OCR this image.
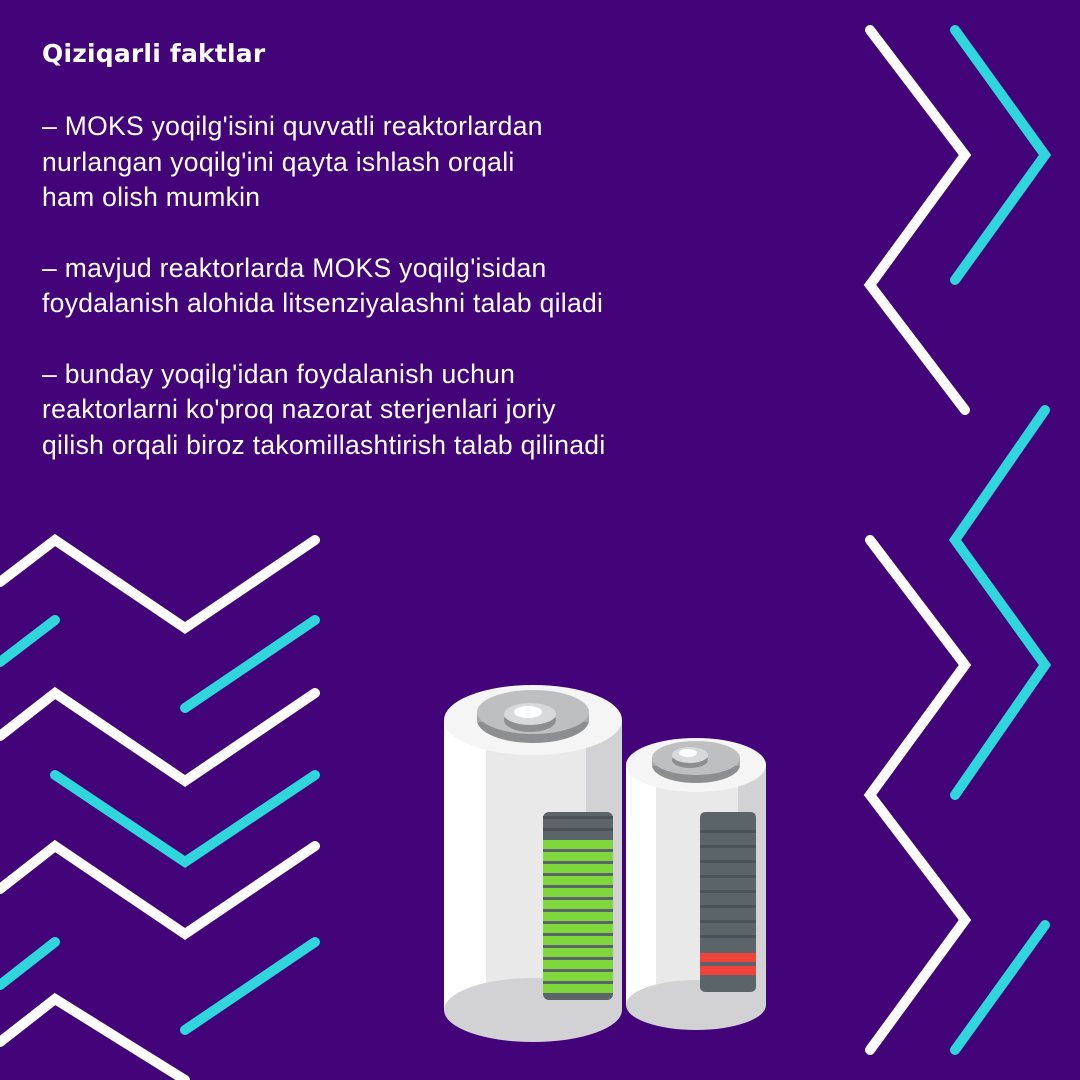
Qiziqarli faktlar
– MOKS yoqilg'isini quvvatli reaktorlardan
nurlangan yoqilg'ini qayta ishlash orqali
ham olish mumkin
– mavjud reaktorlarda MOKS yoqilg'isidan
foydalanish alohida litsenziyalashni talab qiladi
– bunday yoqilg'idan foydalanish uchun
reaktorlarni ko'proq nazorat sterjenlari joriy
qilish orqali biroz takomillashtirish talab qilinadi
